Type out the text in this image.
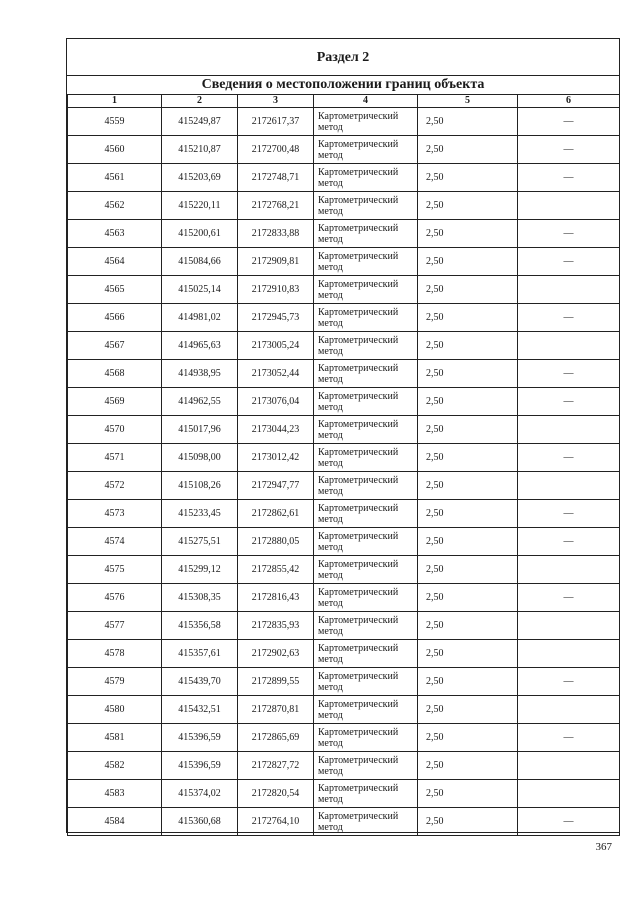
Раздел 2
Сведения о местоположении границ объекта
1	2	3	4	5	6
4559	415249,87	2172617,37	Картометрический метод	2,50	—
4560	415210,87	2172700,48	Картометрический метод	2,50	—
4561	415203,69	2172748,71	Картометрический метод	2,50	—
4562	415220,11	2172768,21	Картометрический метод	2,50	
4563	415200,61	2172833,88	Картометрический метод	2,50	—
4564	415084,66	2172909,81	Картометрический метод	2,50	—
4565	415025,14	2172910,83	Картометрический метод	2,50	
4566	414981,02	2172945,73	Картометрический метод	2,50	—
4567	414965,63	2173005,24	Картометрический метод	2,50	
4568	414938,95	2173052,44	Картометрический метод	2,50	—
4569	414962,55	2173076,04	Картометрический метод	2,50	—
4570	415017,96	2173044,23	Картометрический метод	2,50	
4571	415098,00	2173012,42	Картометрический метод	2,50	—
4572	415108,26	2172947,77	Картометрический метод	2,50	
4573	415233,45	2172862,61	Картометрический метод	2,50	—
4574	415275,51	2172880,05	Картометрический метод	2,50	—
4575	415299,12	2172855,42	Картометрический метод	2,50	
4576	415308,35	2172816,43	Картометрический метод	2,50	—
4577	415356,58	2172835,93	Картометрический метод	2,50	
4578	415357,61	2172902,63	Картометрический метод	2,50	
4579	415439,70	2172899,55	Картометрический метод	2,50	—
4580	415432,51	2172870,81	Картометрический метод	2,50	
4581	415396,59	2172865,69	Картометрический метод	2,50	—
4582	415396,59	2172827,72	Картометрический метод	2,50	
4583	415374,02	2172820,54	Картометрический метод	2,50	
4584	415360,68	2172764,10	Картометрический метод	2,50	—
367
